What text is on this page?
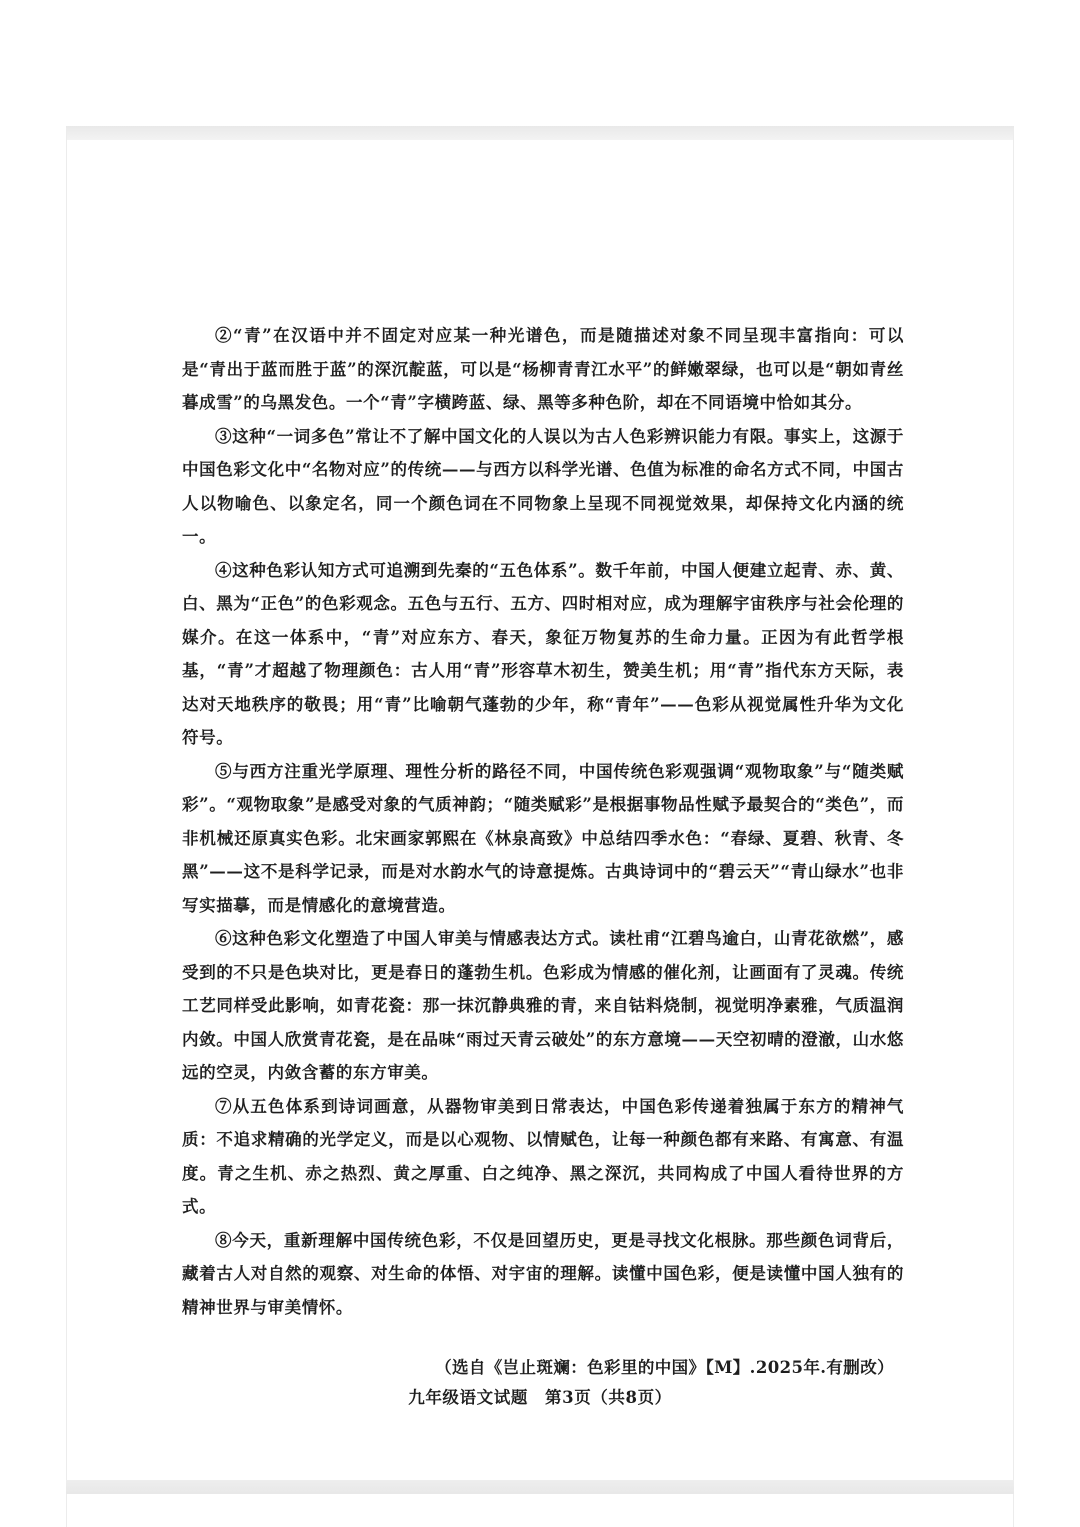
②“青”在汉语中并不固定对应某一种光谱色，而是随描述对象不同呈现丰富指向：可以是“青出于蓝而胜于蓝”的深沉靛蓝，可以是“杨柳青青江水平”的鲜嫩翠绿，也可以是“朝如青丝暮成雪”的乌黑发色。一个“青”字横跨蓝、绿、黑等多种色阶，却在不同语境中恰如其分。

③这种“一词多色”常让不了解中国文化的人误以为古人色彩辨识能力有限。事实上，这源于中国色彩文化中“名物对应”的传统——与西方以科学光谱、色值为标准的命名方式不同，中国古人以物喻色、以象定名，同一个颜色词在不同物象上呈现不同视觉效果，却保持文化内涵的统一。

④这种色彩认知方式可追溯到先秦的“五色体系”。数千年前，中国人便建立起青、赤、黄、白、黑为“正色”的色彩观念。五色与五行、五方、四时相对应，成为理解宇宙秩序与社会伦理的媒介。在这一体系中，“青”对应东方、春天，象征万物复苏的生命力量。正因为有此哲学根基，“青”才超越了物理颜色：古人用“青”形容草木初生，赞美生机；用“青”指代东方天际，表达对天地秩序的敬畏；用“青”比喻朝气蓬勃的少年，称“青年”——色彩从视觉属性升华为文化符号。

⑤与西方注重光学原理、理性分析的路径不同，中国传统色彩观强调“观物取象”与“随类赋彩”。“观物取象”是感受对象的气质神韵；“随类赋彩”是根据事物品性赋予最契合的“类色”，而非机械还原真实色彩。北宋画家郭熙在《林泉高致》中总结四季水色：“春绿、夏碧、秋青、冬黑”——这不是科学记录，而是对水韵水气的诗意提炼。古典诗词中的“碧云天”“青山绿水”也非写实描摹，而是情感化的意境营造。

⑥这种色彩文化塑造了中国人审美与情感表达方式。读杜甫“江碧鸟逾白，山青花欲燃”，感受到的不只是色块对比，更是春日的蓬勃生机。色彩成为情感的催化剂，让画面有了灵魂。传统工艺同样受此影响，如青花瓷：那一抹沉静典雅的青，来自钴料烧制，视觉明净素雅，气质温润内敛。中国人欣赏青花瓷，是在品味“雨过天青云破处”的东方意境——天空初晴的澄澈，山水悠远的空灵，内敛含蓄的东方审美。

⑦从五色体系到诗词画意，从器物审美到日常表达，中国色彩传递着独属于东方的精神气质：不追求精确的光学定义，而是以心观物、以情赋色，让每一种颜色都有来路、有寓意、有温度。青之生机、赤之热烈、黄之厚重、白之纯净、黑之深沉，共同构成了中国人看待世界的方式。

⑧今天，重新理解中国传统色彩，不仅是回望历史，更是寻找文化根脉。那些颜色词背后，藏着古人对自然的观察、对生命的体悟、对宇宙的理解。读懂中国色彩，便是读懂中国人独有的精神世界与审美情怀。

（选自《岂止斑斓：色彩里的中国》【M】.2025年.有删改）
九年级语文试题　第3页（共8页）
